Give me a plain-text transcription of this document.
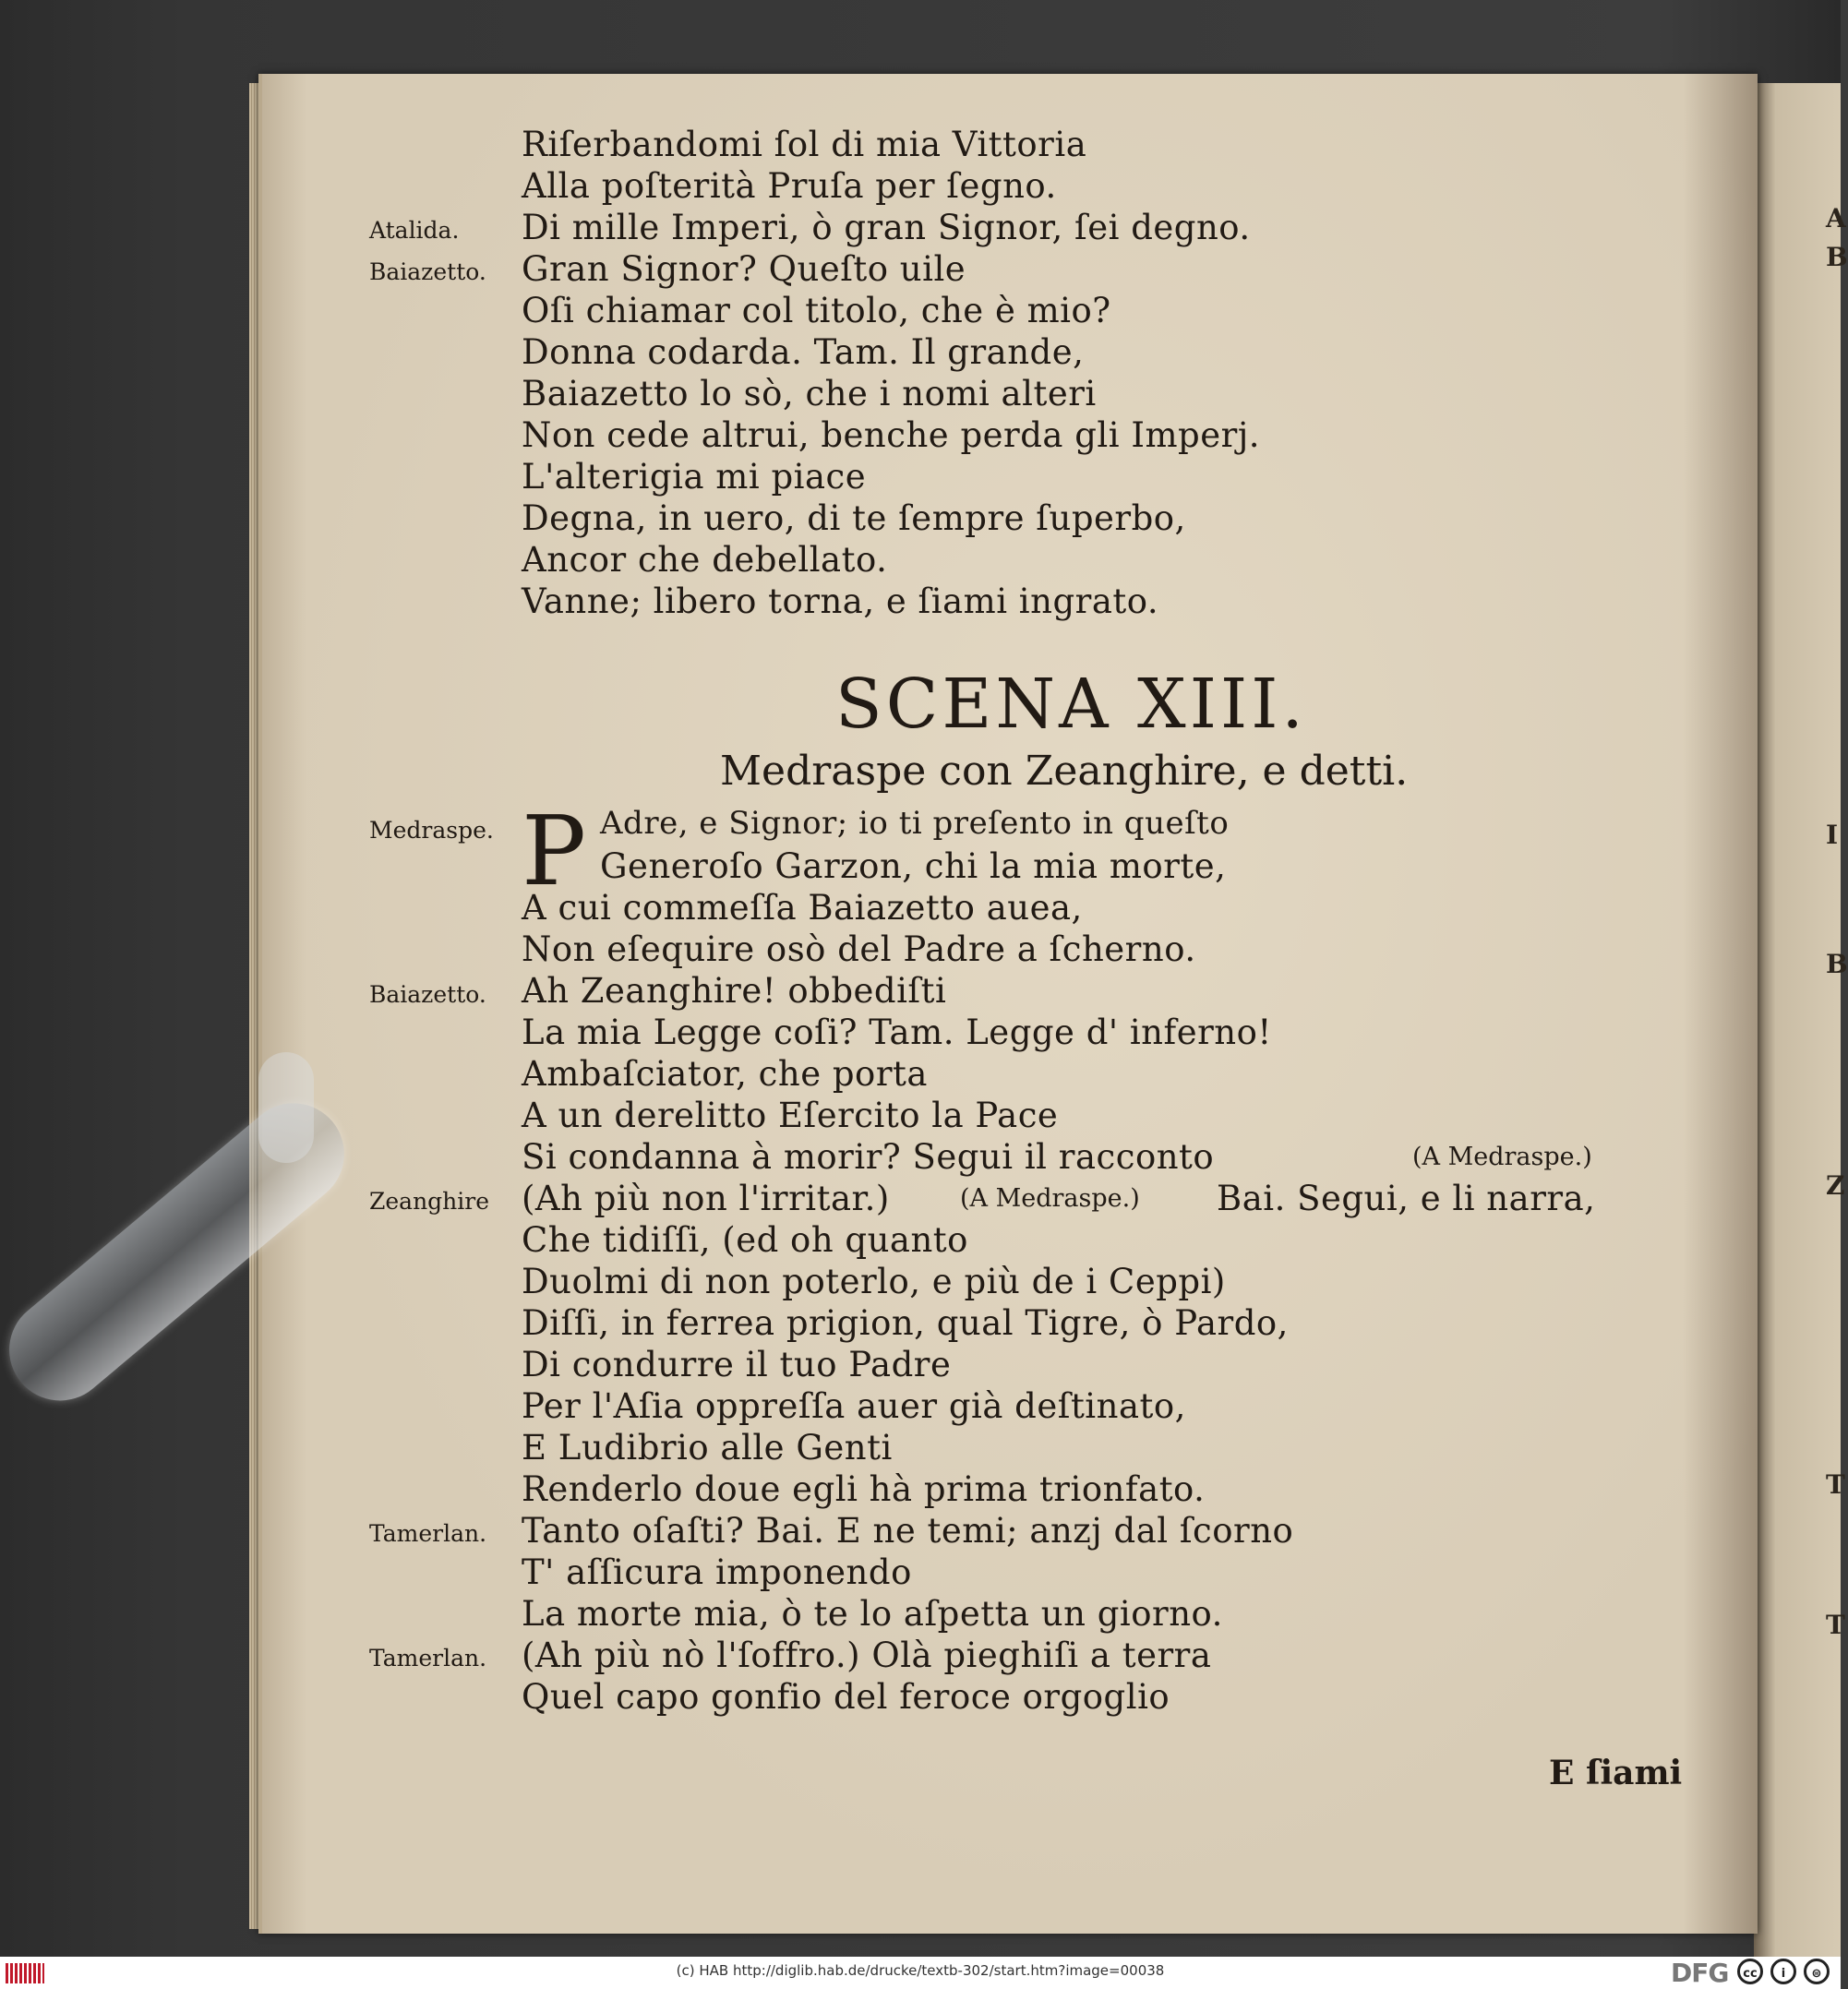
A
B
I
B
Z
T
T
Riſerbandomi ſol di mia Vittoria
Alla poſterità Pruſa per ſegno.
Atalida. Di mille Imperi, ò gran Signor, ſei degno.
Baiazetto. Gran Signor? Queſto uile
Oſi chiamar col titolo, che è mio?
Donna codarda. Tam. Il grande,
Baiazetto lo sò, che i nomi alteri
Non cede altrui, benche perda gli Imperj.
L'alterigia mi piace
Degna, in uero, di te ſempre ſuperbo,
Ancor che debellato.
Vanne; libero torna, e ſiami ingrato.
SCENA XIII.
Medraspe con Zeanghire, e detti.
Medraspe. P Adre, e Signor; io ti preſento in queſto
Generoſo Garzon, chi la mia morte,
A cui commeſſa Baiazetto auea,
Non eſequire osò del Padre a ſcherno.
Baiazetto. Ah Zeanghire! obbediſti
La mia Legge coſi? Tam. Legge d' inferno!
Ambaſciator, che porta
A un derelitto Eſercito la Pace
Si condanna à morir? Segui il racconto	(A Medraspe.)
Zeanghire (Ah più non l'irritar.)	(A Medraspe.) Bai. Segui, e li narra,
Che tidiſſi, (ed oh quanto
Duolmi di non poterlo, e più de i Ceppi)
Diſſi, in ferrea prigion, qual Tigre, ò Pardo,
Di condurre il tuo Padre
Per l'Aſia oppreſſa auer già deſtinato,
E Ludibrio alle Genti
Renderlo doue egli hà prima trionfato.
Tamerlan. Tanto oſaſti? Bai. E ne temi; anzj dal ſcorno
T' aſſicura imponendo
La morte mia, ò te lo aſpetta un giorno.
Tamerlan. (Ah più nò l'ſoffro.) Olà pieghiſi a terra
Quel capo gonfio del feroce orgoglio
E ſiami
(c) HAB http://diglib.hab.de/drucke/textb-302/start.htm?image=00038	DFG	cc	i	⊜
